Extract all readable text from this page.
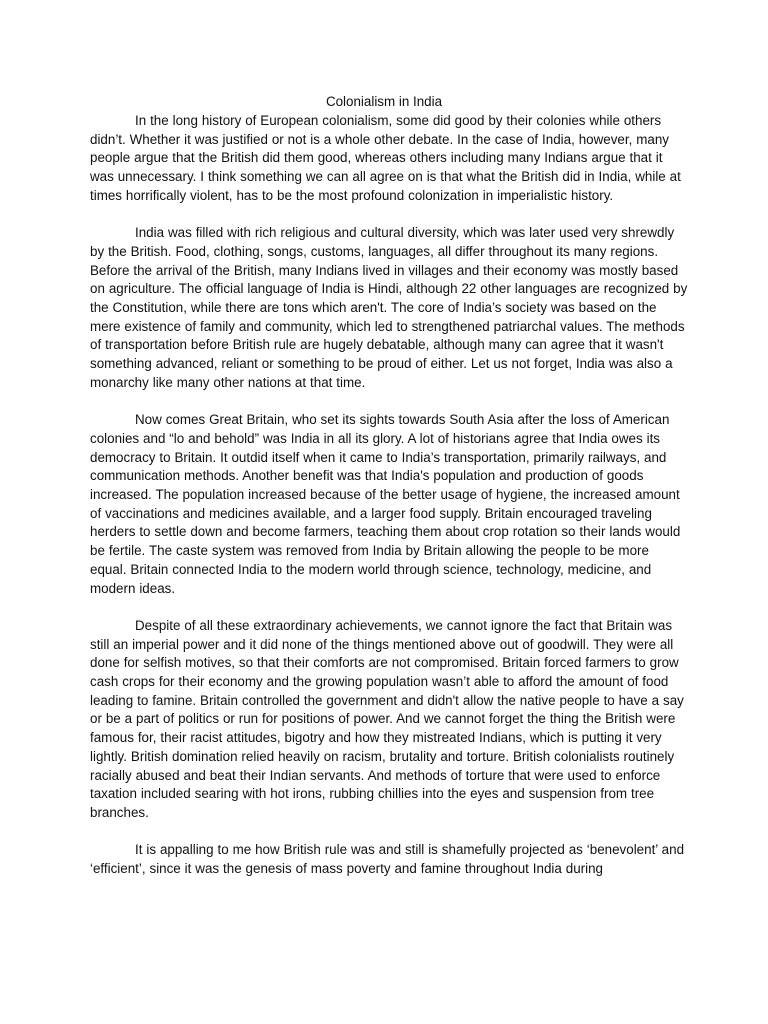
Colonialism in India

In the long history of European colonialism, some did good by their colonies while others didn’t. Whether it was justified or not is a whole other debate. In the case of India, however, many people argue that the British did them good, whereas others including many Indians argue that it was unnecessary. I think something we can all agree on is that what the British did in India, while at times horrifically violent, has to be the most profound colonization in imperialistic history.

India was filled with rich religious and cultural diversity, which was later used very shrewdly by the British. Food, clothing, songs, customs, languages, all differ throughout its many regions. Before the arrival of the British, many Indians lived in villages and their economy was mostly based on agriculture. The official language of India is Hindi, although 22 other languages are recognized by the Constitution, while there are tons which aren't. The core of India’s society was based on the mere existence of family and community, which led to strengthened patriarchal values. The methods of transportation before British rule are hugely debatable, although many can agree that it wasn't something advanced, reliant or something to be proud of either. Let us not forget, India was also a monarchy like many other nations at that time.

Now comes Great Britain, who set its sights towards South Asia after the loss of American colonies and “lo and behold” was India in all its glory. A lot of historians agree that India owes its democracy to Britain. It outdid itself when it came to India’s transportation, primarily railways, and communication methods. Another benefit was that India's population and production of goods increased. The population increased because of the better usage of hygiene, the increased amount of vaccinations and medicines available, and a larger food supply. Britain encouraged traveling herders to settle down and become farmers, teaching them about crop rotation so their lands would be fertile. The caste system was removed from India by Britain allowing the people to be more equal. Britain connected India to the modern world through science, technology, medicine, and modern ideas.

Despite of all these extraordinary achievements, we cannot ignore the fact that Britain was still an imperial power and it did none of the things mentioned above out of goodwill. They were all done for selfish motives, so that their comforts are not compromised. Britain forced farmers to grow cash crops for their economy and the growing population wasn’t able to afford the amount of food leading to famine. Britain controlled the government and didn't allow the native people to have a say or be a part of politics or run for positions of power. And we cannot forget the thing the British were famous for, their racist attitudes, bigotry and how they mistreated Indians, which is putting it very lightly. British domination relied heavily on racism, brutality and torture. British colonialists routinely racially abused and beat their Indian servants. And methods of torture that were used to enforce taxation included searing with hot irons, rubbing chillies into the eyes and suspension from tree branches.

It is appalling to me how British rule was and still is shamefully projected as ‘benevolent’ and ‘efficient’, since it was the genesis of mass poverty and famine throughout India during
